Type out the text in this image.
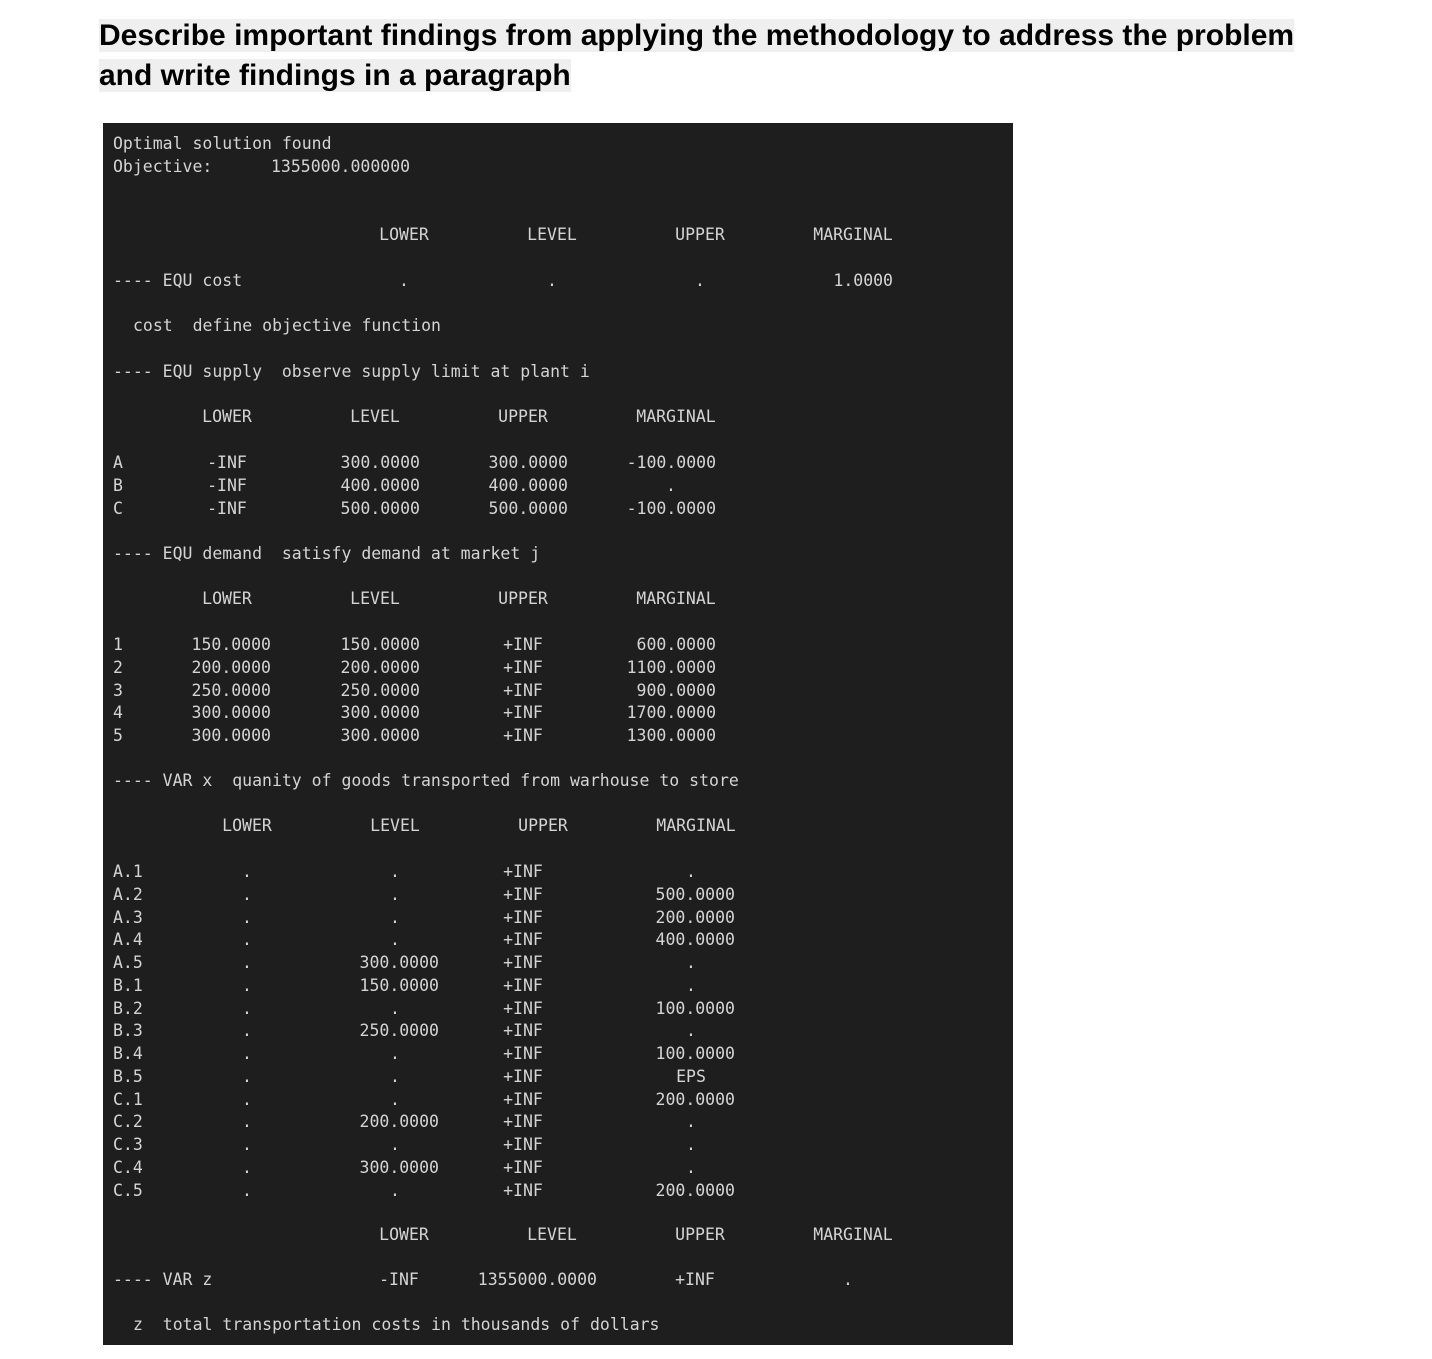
Describe important findings from applying the methodology to address the problem
and write findings in a paragraph
Optimal solution found
Objective:	1355000.000000
LOWER	LEVEL	UPPER	MARGINAL
---- EQU cost	.	.	.	1.0000
cost  define objective function
---- EQU supply  observe supply limit at plant i
LOWER	LEVEL	UPPER	MARGINAL
A	-INF	300.0000	300.0000	-100.0000
B	-INF	400.0000	400.0000	.
C	-INF	500.0000	500.0000	-100.0000
---- EQU demand  satisfy demand at market j
LOWER	LEVEL	UPPER	MARGINAL
1	150.0000	150.0000	+INF	600.0000
2	200.0000	200.0000	+INF	1100.0000
3	250.0000	250.0000	+INF	900.0000
4	300.0000	300.0000	+INF	1700.0000
5	300.0000	300.0000	+INF	1300.0000
---- VAR x  quanity of goods transported from warhouse to store
LOWER	LEVEL	UPPER	MARGINAL
A.1	.	.	+INF	.
A.2	.	.	+INF	500.0000
A.3	.	.	+INF	200.0000
A.4	.	.	+INF	400.0000
A.5	.	300.0000	+INF	.
B.1	.	150.0000	+INF	.
B.2	.	.	+INF	100.0000
B.3	.	250.0000	+INF	.
B.4	.	.	+INF	100.0000
B.5	.	.	+INF	EPS
C.1	.	.	+INF	200.0000
C.2	.	200.0000	+INF	.
C.3	.	.	+INF	.
C.4	.	300.0000	+INF	.
C.5	.	.	+INF	200.0000
LOWER	LEVEL	UPPER	MARGINAL
---- VAR z	-INF	1355000.0000	+INF	.
z  total transportation costs in thousands of dollars
